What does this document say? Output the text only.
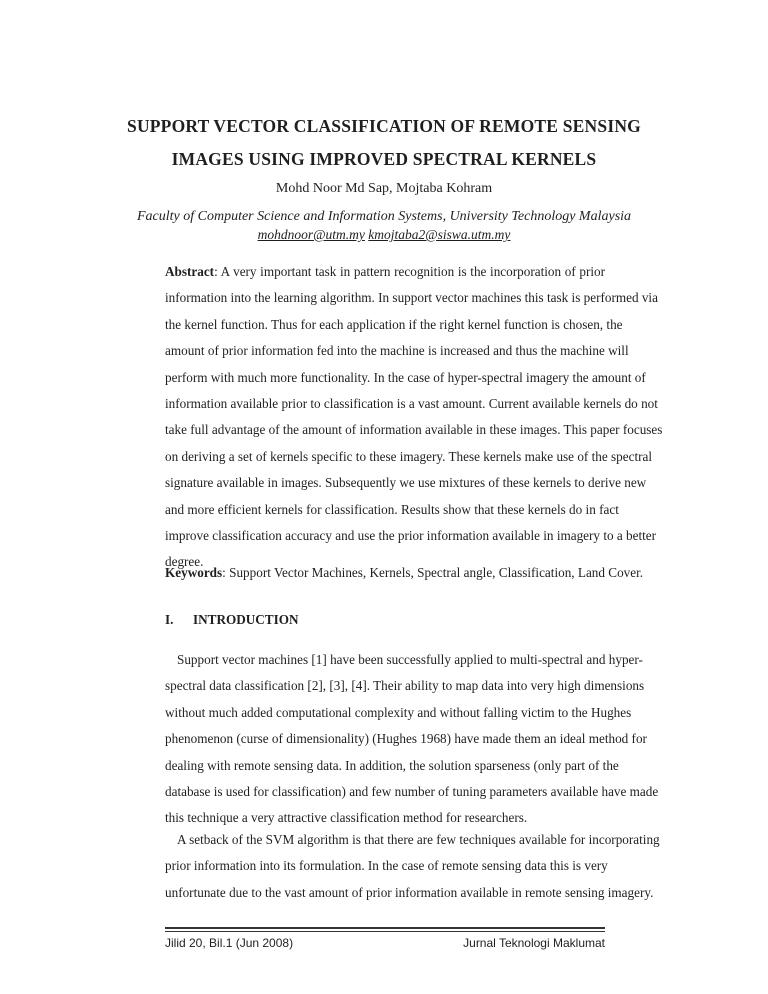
SUPPORT VECTOR CLASSIFICATION OF REMOTE SENSING
IMAGES USING IMPROVED SPECTRAL KERNELS
Mohd Noor Md Sap, Mojtaba Kohram
Faculty of Computer Science and Information Systems, University Technology Malaysia
mohdnoor@utm.my kmojtaba2@siswa.utm.my
Abstract: A very important task in pattern recognition is the incorporation of prior
information into the learning algorithm. In support vector machines this task is performed via
the kernel function. Thus for each application if the right kernel function is chosen, the
amount of prior information fed into the machine is increased and thus the machine will
perform with much more functionality. In the case of hyper-spectral imagery the amount of
information available prior to classification is a vast amount. Current available kernels do not
take full advantage of the amount of information available in these images. This paper focuses
on deriving a set of kernels specific to these imagery. These kernels make use of the spectral
signature available in images. Subsequently we use mixtures of these kernels to derive new
and more efficient kernels for classification. Results show that these kernels do in fact
improve classification accuracy and use the prior information available in imagery to a better
degree.
Keywords: Support Vector Machines, Kernels, Spectral angle, Classification, Land Cover.
I. INTRODUCTION
Support vector machines [1] have been successfully applied to multi-spectral and hyper-
spectral data classification [2], [3], [4]. Their ability to map data into very high dimensions
without much added computational complexity and without falling victim to the Hughes
phenomenon (curse of dimensionality) (Hughes 1968) have made them an ideal method for
dealing with remote sensing data. In addition, the solution sparseness (only part of the
database is used for classification) and few number of tuning parameters available have made
this technique a very attractive classification method for researchers.
A setback of the SVM algorithm is that there are few techniques available for incorporating
prior information into its formulation. In the case of remote sensing data this is very
unfortunate due to the vast amount of prior information available in remote sensing imagery.
Jilid 20, Bil.1 (Jun 2008)	Jurnal Teknologi Maklumat
